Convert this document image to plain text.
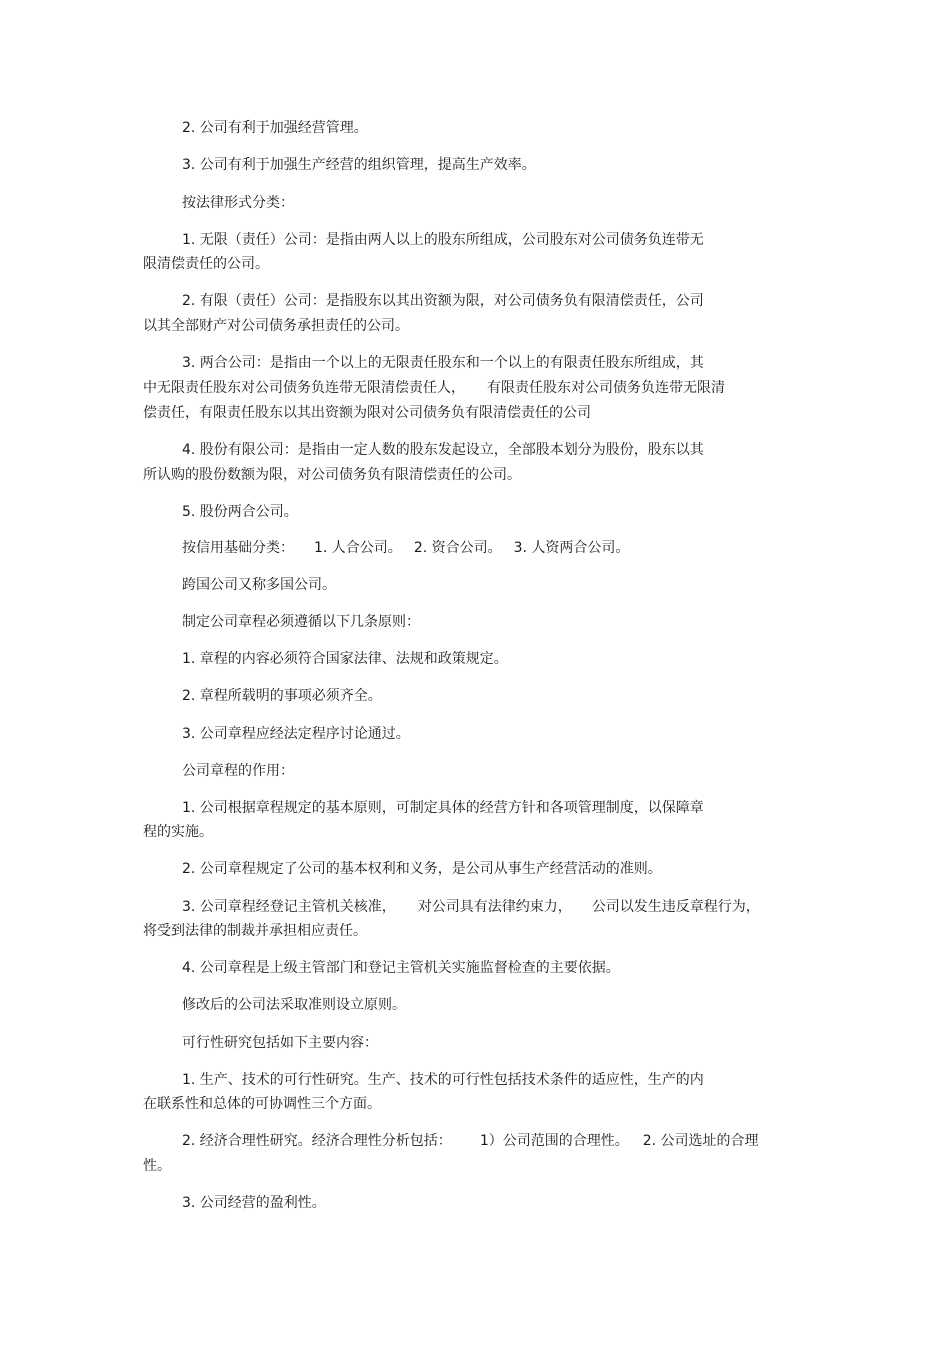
2. 公司有利于加强经营管理。

3. 公司有利于加强生产经营的组织管理，提高生产效率。

按法律形式分类：

1. 无限（责任）公司：是指由两人以上的股东所组成，公司股东对公司债务负连带无

限清偿责任的公司。

2. 有限（责任）公司：是指股东以其出资额为限，对公司债务负有限清偿责任，公司

以其全部财产对公司债务承担责任的公司。

3. 两合公司：是指由一个以上的无限责任股东和一个以上的有限责任股东所组成，其

中无限责任股东对公司债务负连带无限清偿责任人， 有限责任股东对公司债务负连带无限清

偿责任，有限责任股东以其出资额为限对公司债务负有限清偿责任的公司

4. 股份有限公司：是指由一定人数的股东发起设立，全部股本划分为股份，股东以其

所认购的股份数额为限，对公司债务负有限清偿责任的公司。

5. 股份两合公司。

按信用基础分类： 1. 人合公司。 2. 资合公司。 3. 人资两合公司。

跨国公司又称多国公司。

制定公司章程必须遵循以下几条原则：

1. 章程的内容必须符合国家法律、法规和政策规定。

2. 章程所载明的事项必须齐全。

3. 公司章程应经法定程序讨论通过。

公司章程的作用：

1. 公司根据章程规定的基本原则，可制定具体的经营方针和各项管理制度，以保障章

程的实施。

2. 公司章程规定了公司的基本权利和义务，是公司从事生产经营活动的准则。

3. 公司章程经登记主管机关核准， 对公司具有法律约束力， 公司以发生违反章程行为，

将受到法律的制裁并承担相应责任。

4. 公司章程是上级主管部门和登记主管机关实施监督检查的主要依据。

修改后的公司法采取准则设立原则。

可行性研究包括如下主要内容：

1. 生产、技术的可行性研究。生产、技术的可行性包括技术条件的适应性，生产的内

在联系性和总体的可协调性三个方面。

2. 经济合理性研究。经济合理性分析包括： 1）公司范围的合理性。 2. 公司选址的合理

性。

3. 公司经营的盈利性。
